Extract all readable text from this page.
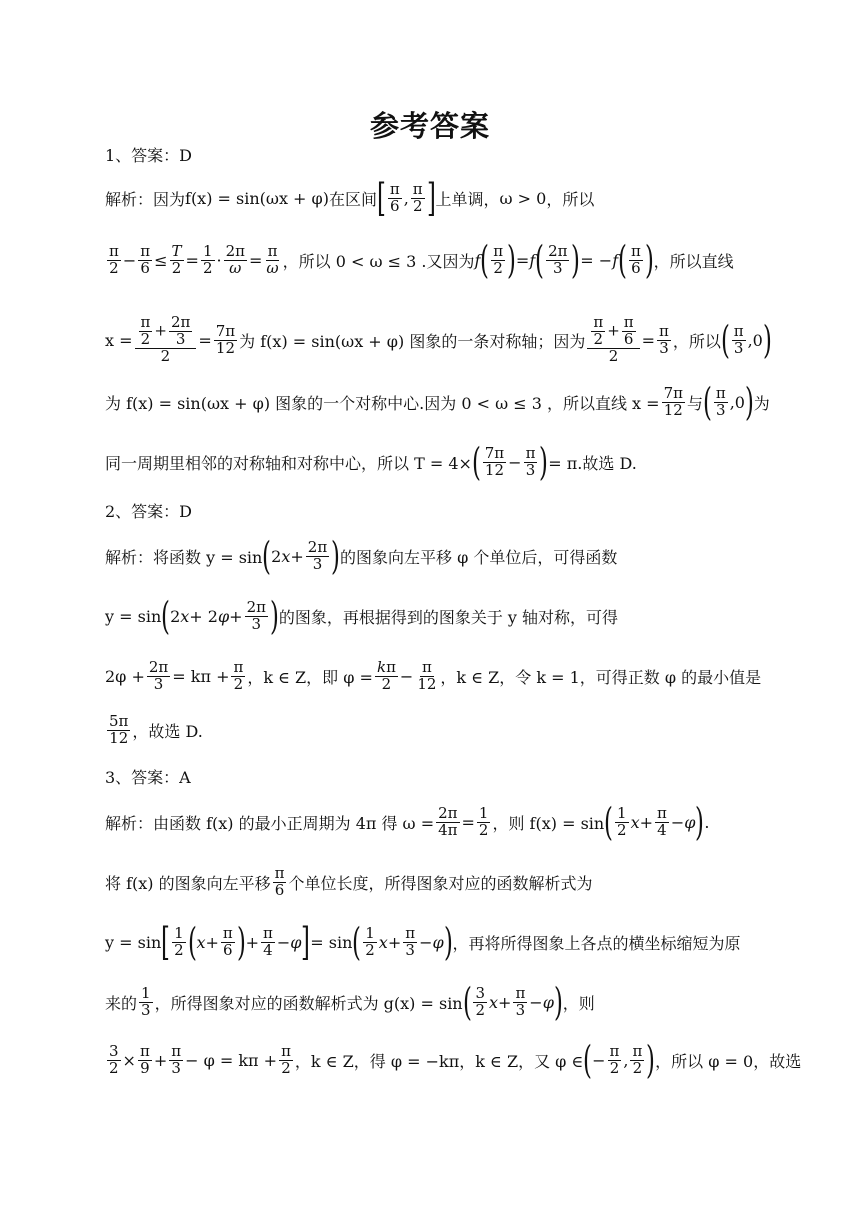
参考答案
1、答案：D
解析：因为 f(x) = sin(ωx + φ) 在区间 [ $\frac{\pi}{6}$ , $\frac{\pi}{2}$ ] 上单调， ω > 0 ，所以
$\frac{\pi}{2} - \frac{\pi}{6} \le \frac{T}{2} = \frac{1}{2} \cdot \frac{2\pi}{\omega} = \frac{\pi}{\omega}$ ，所以 0 < ω ≤ 3 .又因为 f ( $\frac{\pi}{2}$ ) = f ( $\frac{2\pi}{3}$ ) = − f ( $\frac{\pi}{6}$ ) ，所以直线
$x = \frac{\frac{\pi}{2} + \frac{2\pi}{3}}{2} = \frac{7\pi}{12}$ 为 f(x) = sin(ωx + φ) 图象的一条对称轴；因为 $\frac{\frac{\pi}{2} + \frac{\pi}{6}}{2} = \frac{\pi}{3}$ ，所以 ( $\frac{\pi}{3} ,0$ )
为 f(x) = sin(ωx + φ) 图象的一个对称中心.因为 0 < ω ≤ 3 ，所以直线 $x = \frac{7\pi}{12}$ 与 ( $\frac{\pi}{3} ,0$ ) 为
同一周期里相邻的对称轴和对称中心，所以 T = 4× ( $\frac{7\pi}{12} - \frac{\pi}{3}$ ) = π.故选 D.
2、答案：D
解析：将函数 y = sin ( 2 $x + \frac{2\pi}{3}$ ) 的图象向左平移 φ 个单位后，可得函数
y = sin ( 2 x + 2 $\varphi + \frac{2\pi}{3}$ ) 的图象，再根据得到的图象关于 y 轴对称，可得
$2\varphi + \frac{2\pi}{3} = k\pi + \frac{\pi}{2}$ ，k ∈ Z，即 $\varphi = \frac{k\pi}{2} - \frac{\pi}{12}$ ，k ∈ Z，令 k = 1，可得正数 φ 的最小值是
$\frac{5\pi}{12}$ ，故选 D.
3、答案：A
解析：由函数 f(x) 的最小正周期为 4π 得 $\omega = \frac{2\pi}{4\pi} = \frac{1}{2}$ ，则 f(x) = sin ( $\frac{1}{2}$ $x + \frac{\pi}{4} - \varphi$ ) .
将 f(x) 的图象向左平移 $\frac{\pi}{6}$ 个单位长度，所得图象对应的函数解析式为
y = sin [ $\frac{1}{2}$ ( $x + \frac{\pi}{6}$ ) + $\frac{\pi}{4} - \varphi$ ] = sin ( $\frac{1}{2}$ $x + \frac{\pi}{3} - \varphi$ ) ，再将所得图象上各点的横坐标缩短为原
来的 $\frac{1}{3}$ ，所得图象对应的函数解析式为 g(x) = sin ( $\frac{3}{2}$ $x + \frac{\pi}{3} - \varphi$ ) ，则
$\frac{3}{2} \times \frac{\pi}{9} + \frac{\pi}{3} - \varphi = k\pi + \frac{\pi}{2}$ ，k ∈ Z，得 φ = −kπ，k ∈ Z，又 φ ∈ ( − $\frac{\pi}{2}$ , $\frac{\pi}{2}$ ) ，所以 φ = 0，故选
